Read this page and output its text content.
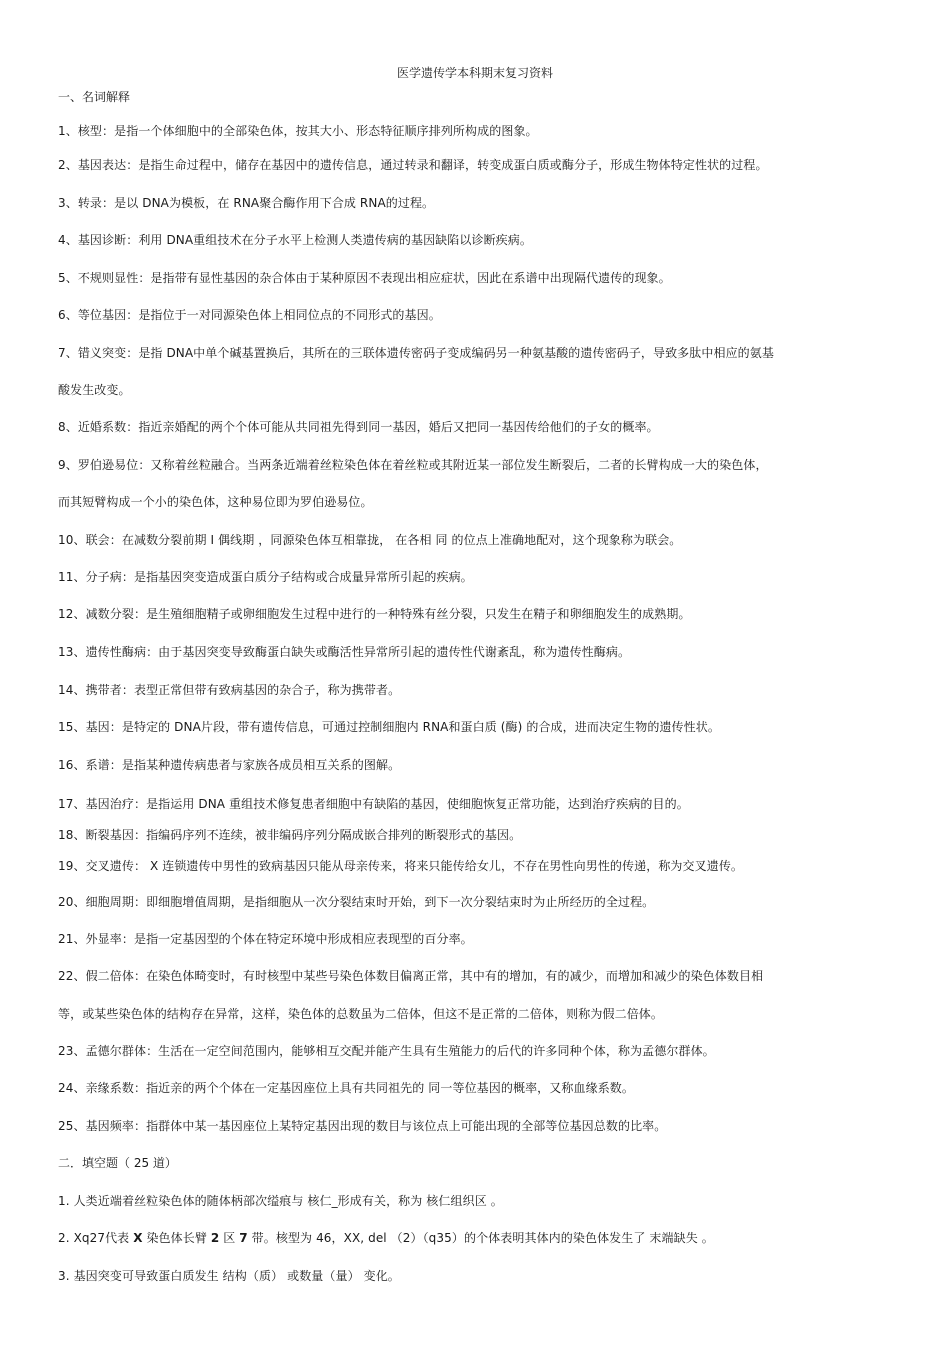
医学遗传学本科期末复习资料
一、名词解释
1、核型：是指一个体细胞中的全部染色体，按其大小、形态特征顺序排列所构成的图象。
2、基因表达：是指生命过程中，储存在基因中的遗传信息，通过转录和翻译，转变成蛋白质或酶分子，形成生物体特定性状的过程。
3、转录：是以 DNA为模板，在 RNA聚合酶作用下合成 RNA的过程。
4、基因诊断：利用 DNA重组技术在分子水平上检测人类遗传病的基因缺陷以诊断疾病。
5、不规则显性：是指带有显性基因的杂合体由于某种原因不表现出相应症状，因此在系谱中出现隔代遗传的现象。
6、等位基因：是指位于一对同源染色体上相同位点的不同形式的基因。
7、错义突变：是指 DNA中单个碱基置换后，其所在的三联体遗传密码子变成编码另一种氨基酸的遗传密码子，导致多肽中相应的氨基
酸发生改变。
8、近婚系数：指近亲婚配的两个个体可能从共同祖先得到同一基因，婚后又把同一基因传给他们的子女的概率。
9、罗伯逊易位：又称着丝粒融合。当两条近端着丝粒染色体在着丝粒或其附近某一部位发生断裂后，二者的长臂构成一大的染色体，
而其短臂构成一个小的染色体，这种易位即为罗伯逊易位。
10、联会：在减数分裂前期 I 偶线期 ，同源染色体互相靠拢， 在各相 同 的位点上准确地配对，这个现象称为联会。
11、分子病：是指基因突变造成蛋白质分子结构或合成量异常所引起的疾病。
12、减数分裂：是生殖细胞精子或卵细胞发生过程中进行的一种特殊有丝分裂，只发生在精子和卵细胞发生的成熟期。
13、遗传性酶病：由于基因突变导致酶蛋白缺失或酶活性异常所引起的遗传性代谢紊乱，称为遗传性酶病。
14、携带者：表型正常但带有致病基因的杂合子，称为携带者。
15、基因：是特定的 DNA片段，带有遗传信息，可通过控制细胞内 RNA和蛋白质 (酶) 的合成，进而决定生物的遗传性状。
16、系谱：是指某种遗传病患者与家族各成员相互关系的图解。
17、基因治疗：是指运用 DNA 重组技术修复患者细胞中有缺陷的基因，使细胞恢复正常功能，达到治疗疾病的目的。
18、断裂基因：指编码序列不连续，被非编码序列分隔成嵌合排列的断裂形式的基因。
19、交叉遗传： X 连锁遗传中男性的致病基因只能从母亲传来，将来只能传给女儿，不存在男性向男性的传递，称为交叉遗传。
20、细胞周期：即细胞增值周期，是指细胞从一次分裂结束时开始，到下一次分裂结束时为止所经历的全过程。
21、外显率：是指一定基因型的个体在特定环境中形成相应表现型的百分率。
22、假二倍体：在染色体畸变时，有时核型中某些号染色体数目偏离正常，其中有的增加，有的减少，而增加和减少的染色体数目相
等，或某些染色体的结构存在异常，这样，染色体的总数虽为二倍体，但这不是正常的二倍体，则称为假二倍体。
23、孟德尔群体：生活在一定空间范围内，能够相互交配并能产生具有生殖能力的后代的许多同种个体，称为孟德尔群体。
24、亲缘系数：指近亲的两个个体在一定基因座位上具有共同祖先的 同一等位基因的概率，又称血缘系数。
25、基因频率：指群体中某一基因座位上某特定基因出现的数目与该位点上可能出现的全部等位基因总数的比率。
二．填空题（ 25 道）
1. 人类近端着丝粒染色体的随体柄部次缢痕与 核仁_形成有关，称为 核仁组织区 。
2. Xq27代表 X 染色体长臂 2 区 7 带。核型为 46，XX, del （2）（q35）的个体表明其体内的染色体发生了 末端缺失 。
3. 基因突变可导致蛋白质发生 结构（质） 或数量（量） 变化。
